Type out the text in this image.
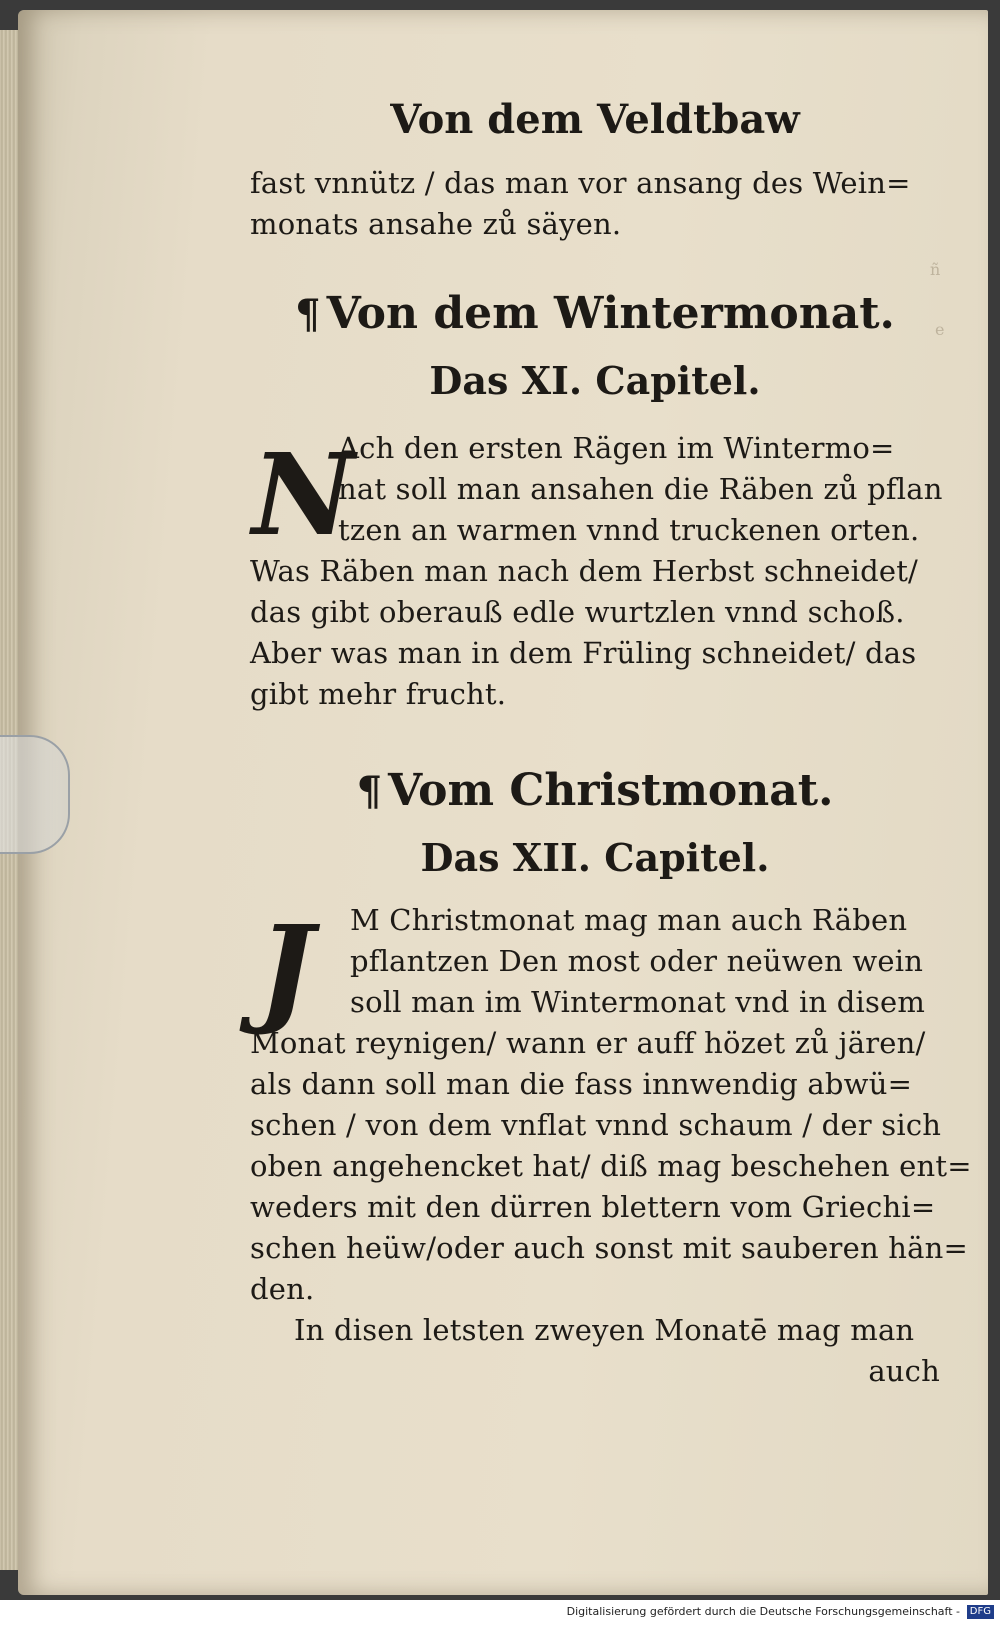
ñ
e
Von dem Veldtbaw
fast vnnütz / das man vor ansang des Wein=
monats ansahe zů säyen.
¶ Von dem Wintermonat.
Das XI. Capitel.
N
Ach den ersten Rägen im Wintermo=
nat soll man ansahen die Räben zů pflan
tzen an warmen vnnd truckenen orten.
Was Räben man nach dem Herbst schneidet/
das gibt oberauß edle wurtzlen vnnd schoß.
Aber was man in dem Früling schneidet/ das
gibt mehr frucht.
¶ Vom Christmonat.
Das XII. Capitel.
J	M Christmonat mag man auch Räben
pflantzen Den most oder neüwen wein
soll man im Wintermonat vnd in disem
Monat reynigen/ wann er auff hözet zů jären/
als dann soll man die fass innwendig abwü=
schen / von dem vnflat vnnd schaum / der sich
oben angehencket hat/ diß mag beschehen ent=
weders mit den dürren blettern vom Griechi=
schen heüw/oder auch sonst mit sauberen hän=
den.
In disen letsten zweyen Monatē mag man
auch
Digitalisierung gefördert durch die Deutsche Forschungsgemeinschaft - DFG
